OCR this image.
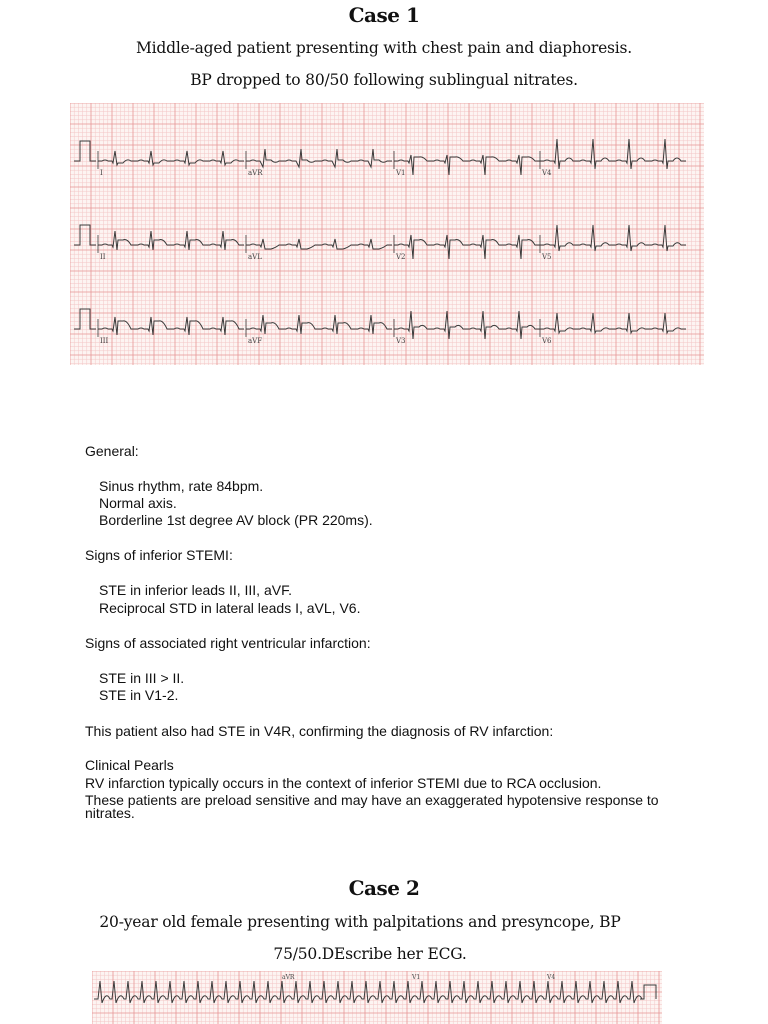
Case 1
Middle-aged patient presenting with chest pain and diaphoresis.
BP dropped to 80/50 following sublingual nitrates.
I	aVR	V1	V4
II	aVL	V2	V5
III	aVF	V3	V6
General:
Sinus rhythm, rate 84bpm.
Normal axis.
Borderline 1st degree AV block (PR 220ms).
Signs of inferior STEMI:
STE in inferior leads II, III, aVF.
Reciprocal STD in lateral leads I, aVL, V6.
Signs of associated right ventricular infarction:
STE in III > II.
STE in V1-2.
This patient also had STE in V4R, confirming the diagnosis of RV infarction:
Clinical Pearls
RV infarction typically occurs in the context of inferior STEMI due to RCA occlusion.
These patients are preload sensitive and may have an exaggerated hypotensive response to nitrates.
Case 2
20-year old female presenting with palpitations and presyncope, BP
75/50.DEscribe her ECG.
aVR	V1	V4
